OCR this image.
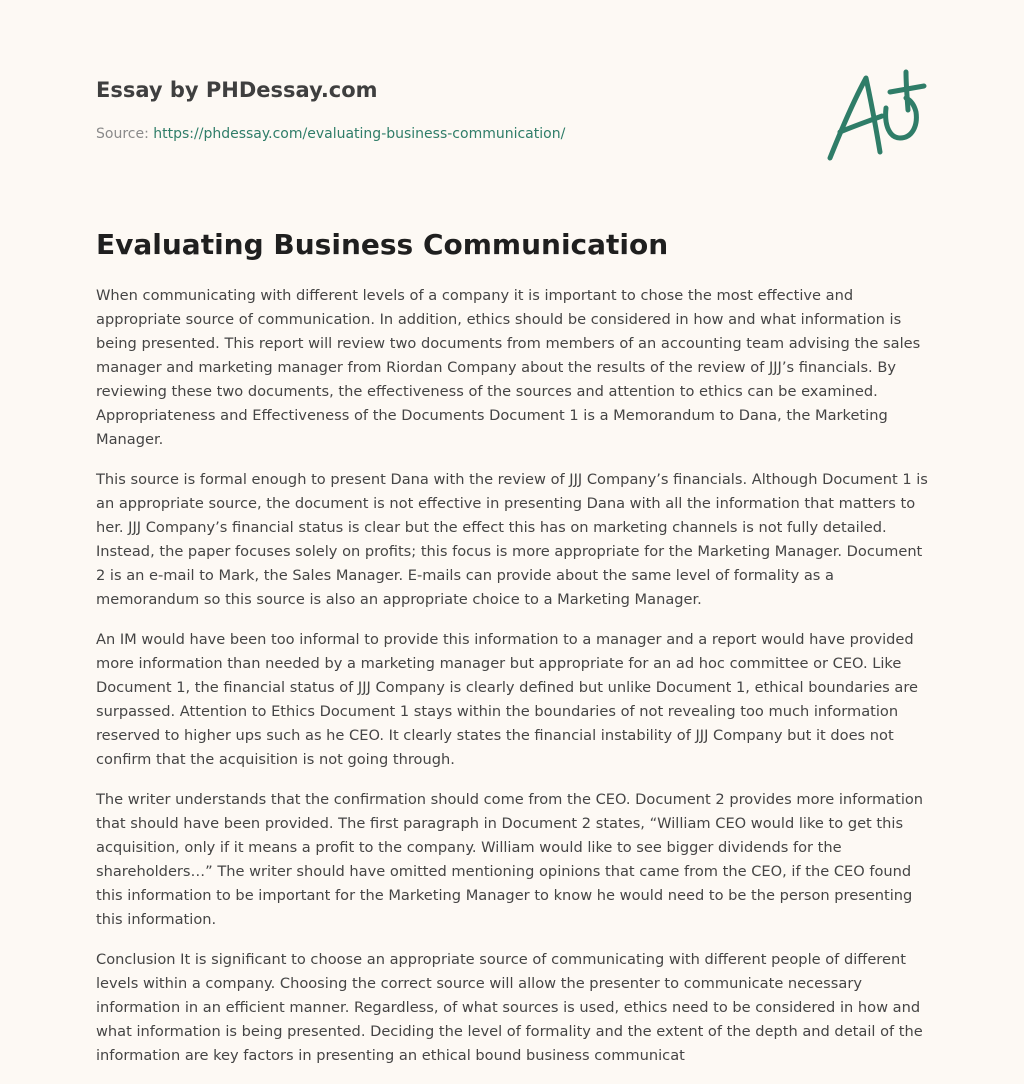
Essay by PHDessay.com
Source: https://phdessay.com/evaluating-business-communication/
Evaluating Business Communication

When communicating with different levels of a company it is important to chose the most effective and appropriate source of communication. In addition, ethics should be considered in how and what information is being presented. This report will review two documents from members of an accounting team advising the sales manager and marketing manager from Riordan Company about the results of the review of JJJ’s financials. By reviewing these two documents, the effectiveness of the sources and attention to ethics can be examined. Appropriateness and Effectiveness of the Documents Document 1 is a Memorandum to Dana, the Marketing Manager.

This source is formal enough to present Dana with the review of JJJ Company’s financials. Although Document 1 is an appropriate source, the document is not effective in presenting Dana with all the information that matters to her. JJJ Company’s financial status is clear but the effect this has on marketing channels is not fully detailed. Instead, the paper focuses solely on profits; this focus is more appropriate for the Marketing Manager. Document 2 is an e-mail to Mark, the Sales Manager. E-mails can provide about the same level of formality as a memorandum so this source is also an appropriate choice to a Marketing Manager.

An IM would have been too informal to provide this information to a manager and a report would have provided more information than needed by a marketing manager but appropriate for an ad hoc committee or CEO. Like Document 1, the financial status of JJJ Company is clearly defined but unlike Document 1, ethical boundaries are surpassed. Attention to Ethics Document 1 stays within the boundaries of not revealing too much information reserved to higher ups such as he CEO. It clearly states the financial instability of JJJ Company but it does not confirm that the acquisition is not going through.

The writer understands that the confirmation should come from the CEO. Document 2 provides more information that should have been provided. The first paragraph in Document 2 states, “William CEO would like to get this acquisition, only if it means a profit to the company. William would like to see bigger dividends for the shareholders…” The writer should have omitted mentioning opinions that came from the CEO, if the CEO found this information to be important for the Marketing Manager to know he would need to be the person presenting this information.

Conclusion It is significant to choose an appropriate source of communicating with different people of different levels within a company. Choosing the correct source will allow the presenter to communicate necessary information in an efficient manner. Regardless, of what sources is used, ethics need to be considered in how and what information is being presented. Deciding the level of formality and the extent of the depth and detail of the information are key factors in presenting an ethical bound business communicat
